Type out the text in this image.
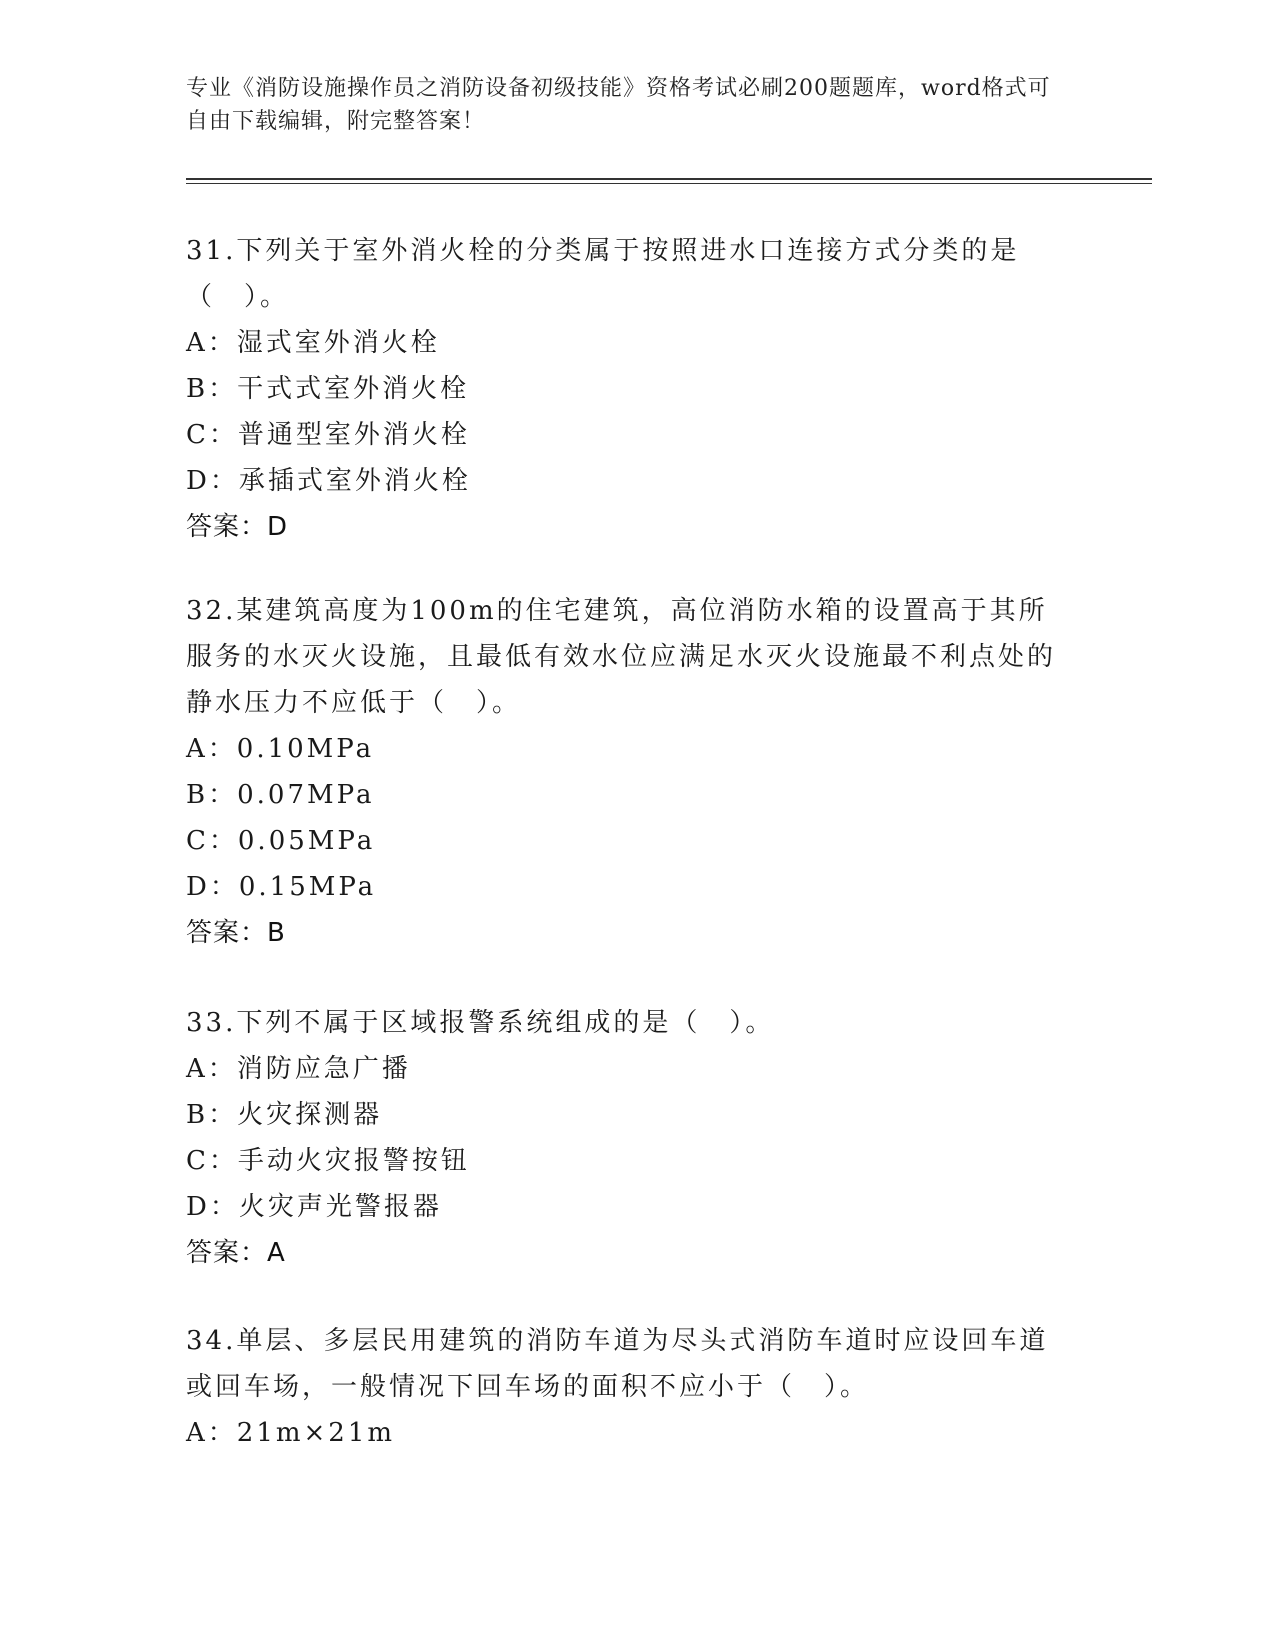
专业《消防设施操作员之消防设备初级技能》资格考试必刷200题题库，word格式可自由下载编辑，附完整答案！

31.下列关于室外消火栓的分类属于按照进水口连接方式分类的是（　）。

A：湿式室外消火栓

B：干式式室外消火栓

C：普通型室外消火栓

D：承插式室外消火栓

答案：D

32.某建筑高度为100m的住宅建筑，高位消防水箱的设置高于其所服务的水灭火设施，且最低有效水位应满足水灭火设施最不利点处的静水压力不应低于（　）。

A：0.10MPa

B：0.07MPa

C：0.05MPa

D：0.15MPa

答案：B

33.下列不属于区域报警系统组成的是（　）。

A：消防应急广播

B：火灾探测器

C：手动火灾报警按钮

D：火灾声光警报器

答案：A

34.单层、多层民用建筑的消防车道为尽头式消防车道时应设回车道或回车场，一般情况下回车场的面积不应小于（　）。

A：21m×21m
